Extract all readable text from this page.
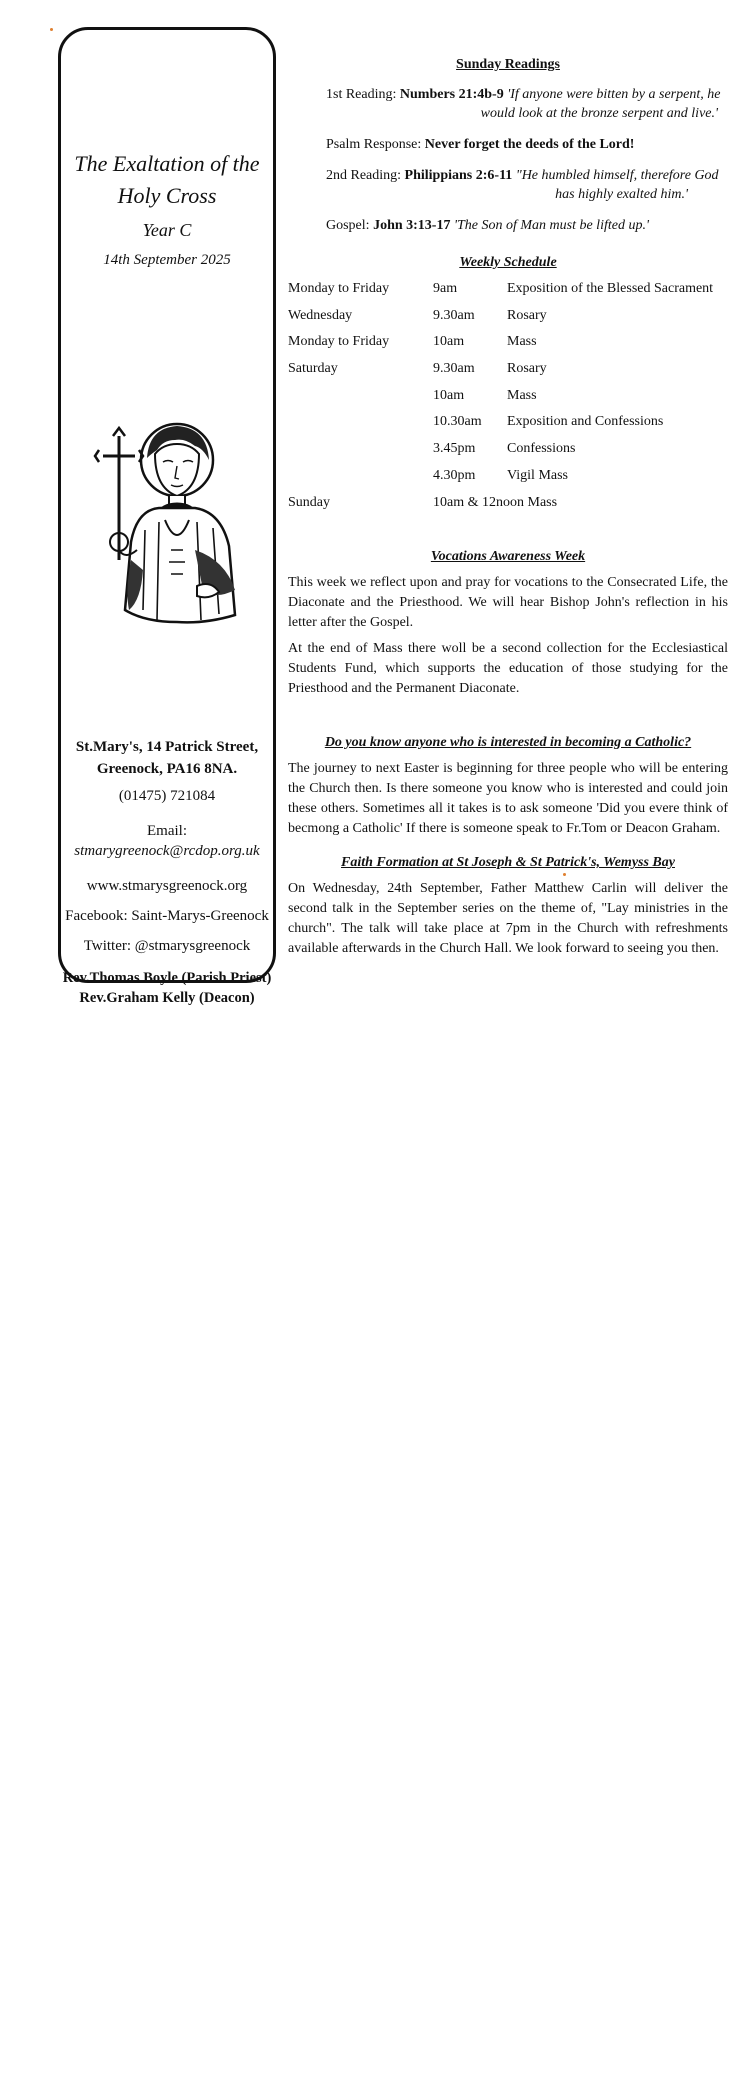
The Exaltation of the
Holy Cross
Year C
14th September 2025
St.Mary's, 14 Patrick Street,
Greenock, PA16 8NA.
(01475) 721084
Email:
stmarygreenock@rcdop.org.uk
www.stmarysgreenock.org
Facebook: Saint-Marys-Greenock
Twitter: @stmarysgreenock
Rev.Thomas Boyle (Parish Priest)
Rev.Graham Kelly (Deacon)
Sunday Readings
1st Reading: Numbers 21:4b-9 'If anyone were bitten by a serpent, he
would look at the bronze serpent and live.'
Psalm Response: Never forget the deeds of the Lord!
2nd Reading: Philippians 2:6-11 "He humbled himself, therefore God
has highly exalted him.'
Gospel: John 3:13-17 'The Son of Man must be lifted up.'
Weekly Schedule
Monday to Friday	9am	Exposition of the Blessed Sacrament
Wednesday	9.30am	Rosary
Monday to Friday	10am	Mass
Saturday	9.30am	Rosary
	10am	Mass
	10.30am	Exposition and Confessions
	3.45pm	Confessions
	4.30pm	Vigil Mass
Sunday	10am & 12noon Mass	
Vocations Awareness Week

This week we reflect upon and pray for vocations to the Consecrated Life, the Diaconate and the Priesthood. We will hear Bishop John's reflection in his letter after the Gospel.

At the end of Mass there woll be a second collection for the Ecclesiastical Students Fund, which supports the education of those studying for the Priesthood and the Permanent Diaconate.

Do you know anyone who is interested in becoming a Catholic?

The journey to next Easter is beginning for three people who will be entering the Church then. Is there someone you know who is interested and could join these others. Sometimes all it takes is to ask someone 'Did you evere think of becmong a Catholic' If there is someone speak to Fr.Tom or Deacon Graham.

Faith Formation at St Joseph & St Patrick's, Wemyss Bay

On Wednesday, 24th September, Father Matthew Carlin will deliver the second talk in the September series on the theme of, "Lay ministries in the church". The talk will take place at 7pm in the Church with refreshments available afterwards in the Church Hall. We look forward to seeing you then.
